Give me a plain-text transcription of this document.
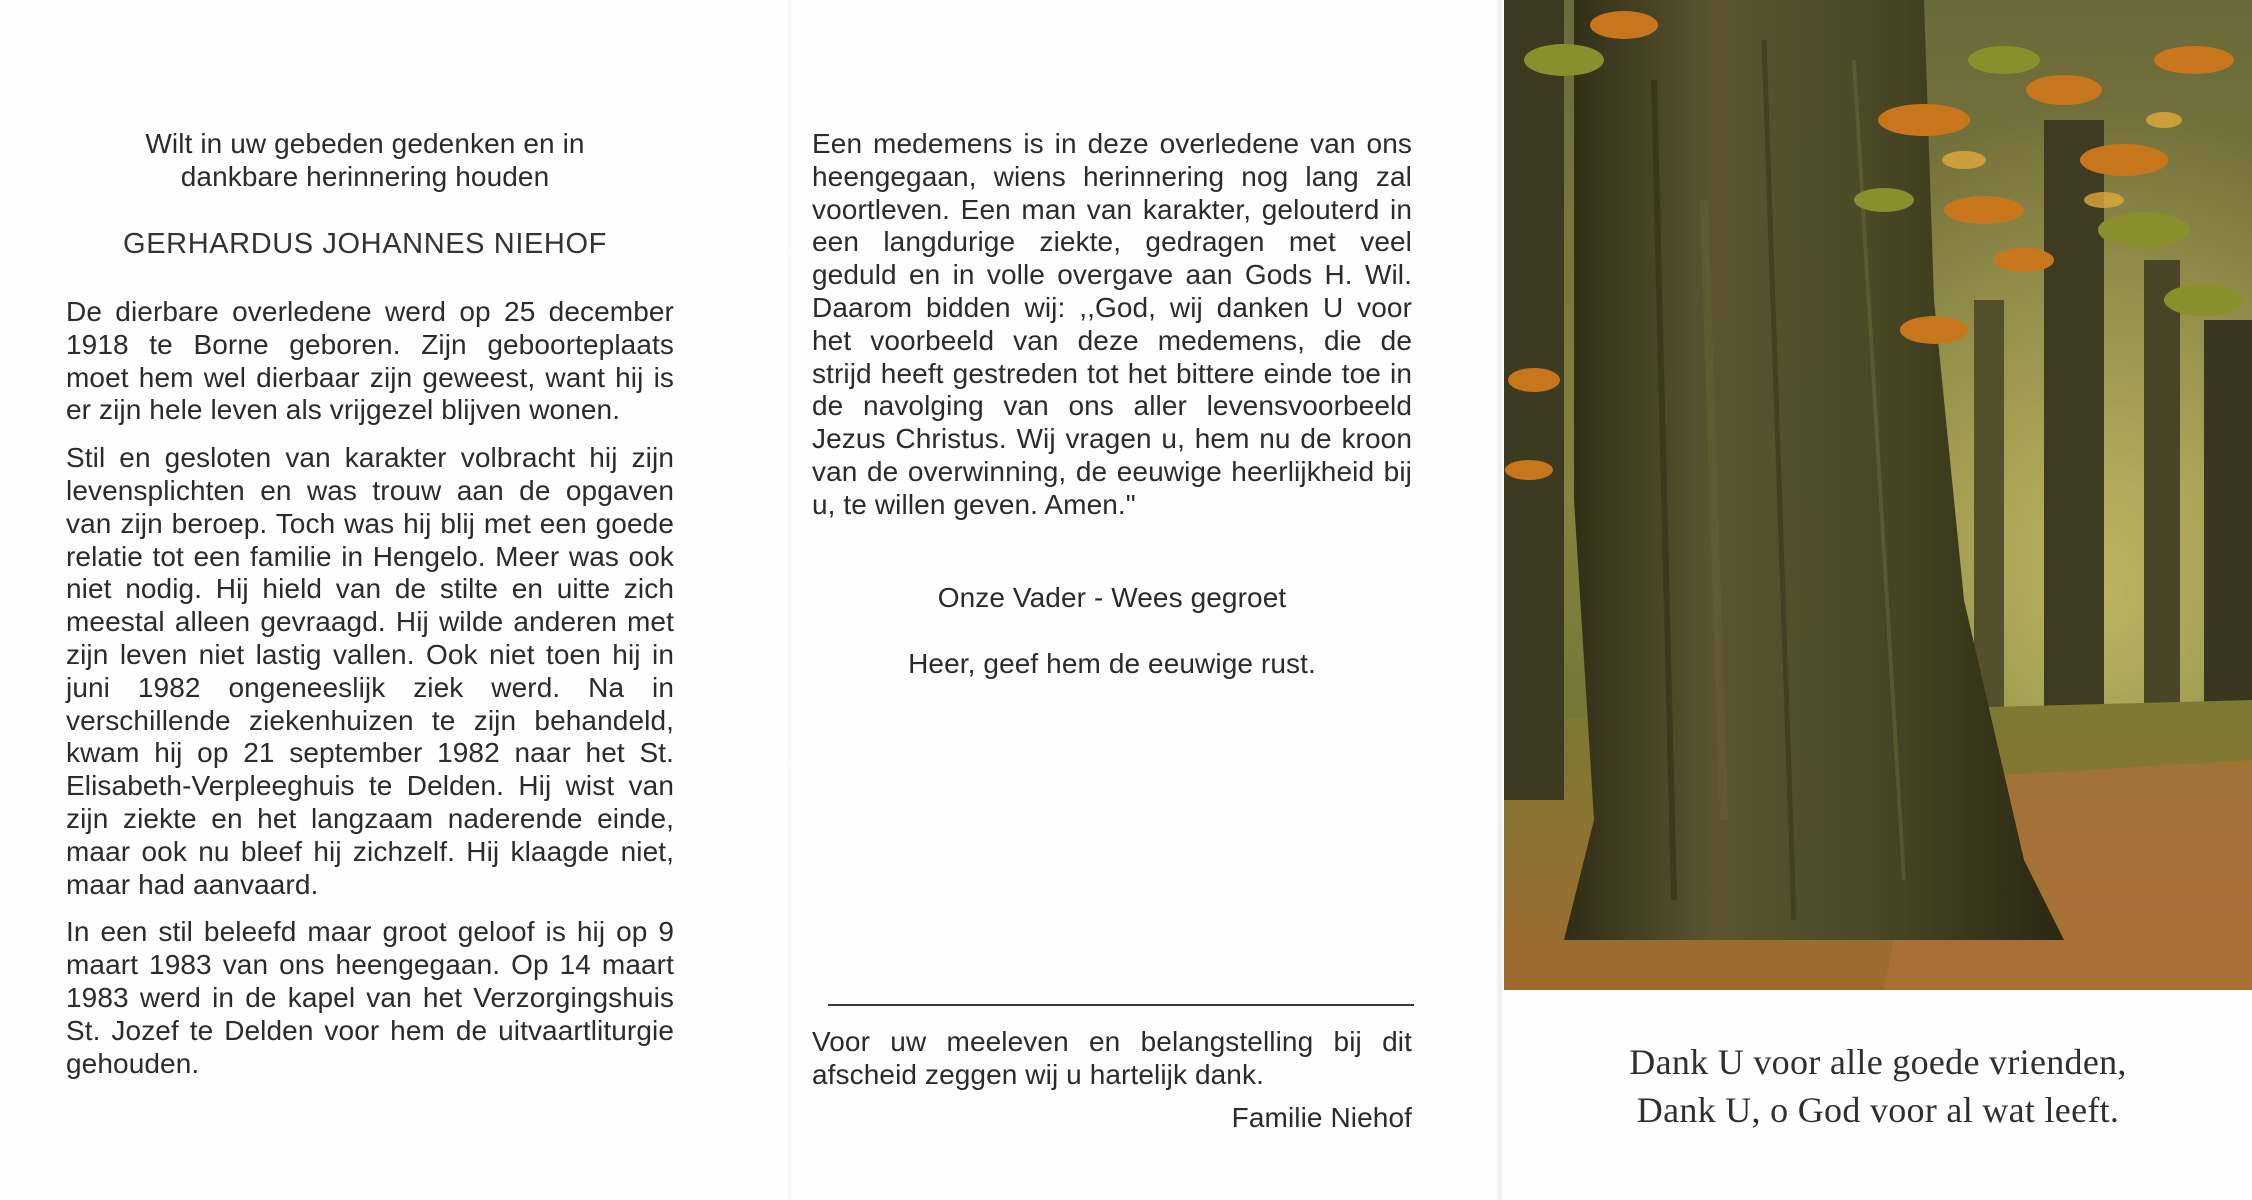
Wilt in uw gebeden gedenken en in
dankbare herinnering houden
GERHARDUS JOHANNES NIEHOF

De dierbare overledene werd op 25 december 1918 te Borne geboren. Zijn geboorteplaats moet hem wel dierbaar zijn geweest, want hij is er zijn hele leven als vrijgezel blijven wonen.

Stil en gesloten van karakter volbracht hij zijn levensplichten en was trouw aan de opgaven van zijn beroep. Toch was hij blij met een goede relatie tot een familie in Hengelo. Meer was ook niet nodig. Hij hield van de stilte en uitte zich meestal alleen gevraagd. Hij wilde anderen met zijn leven niet lastig vallen. Ook niet toen hij in juni 1982 ongeneeslijk ziek werd. Na in verschillende ziekenhuizen te zijn behandeld, kwam hij op 21 september 1982 naar het St. Elisabeth-Verpleeghuis te Delden. Hij wist van zijn ziekte en het langzaam naderende einde, maar ook nu bleef hij zichzelf. Hij klaagde niet, maar had aanvaard.

In een stil beleefd maar groot geloof is hij op 9 maart 1983 van ons heengegaan. Op 14 maart 1983 werd in de kapel van het Verzorgingshuis St. Jozef te Delden voor hem de uitvaartliturgie gehouden.

Een medemens is in deze overledene van ons heengegaan, wiens herinnering nog lang zal voortleven. Een man van karakter, gelouterd in een langdurige ziekte, gedragen met veel geduld en in volle overgave aan Gods H. Wil. Daarom bidden wij: ,,God, wij danken U voor het voorbeeld van deze medemens, die de strijd heeft gestreden tot het bittere einde toe in de navolging van ons aller levensvoorbeeld Jezus Christus. Wij vragen u, hem nu de kroon van de overwinning, de eeuwige heerlijkheid bij u, te willen geven. Amen."

Onze Vader - Wees gegroet
Heer, geef hem de eeuwige rust.
Voor uw meeleven en belangstelling bij dit afscheid zeggen wij u hartelijk dank.
Familie Niehof
Dank U voor alle goede vrienden,
Dank U, o God voor al wat leeft.
